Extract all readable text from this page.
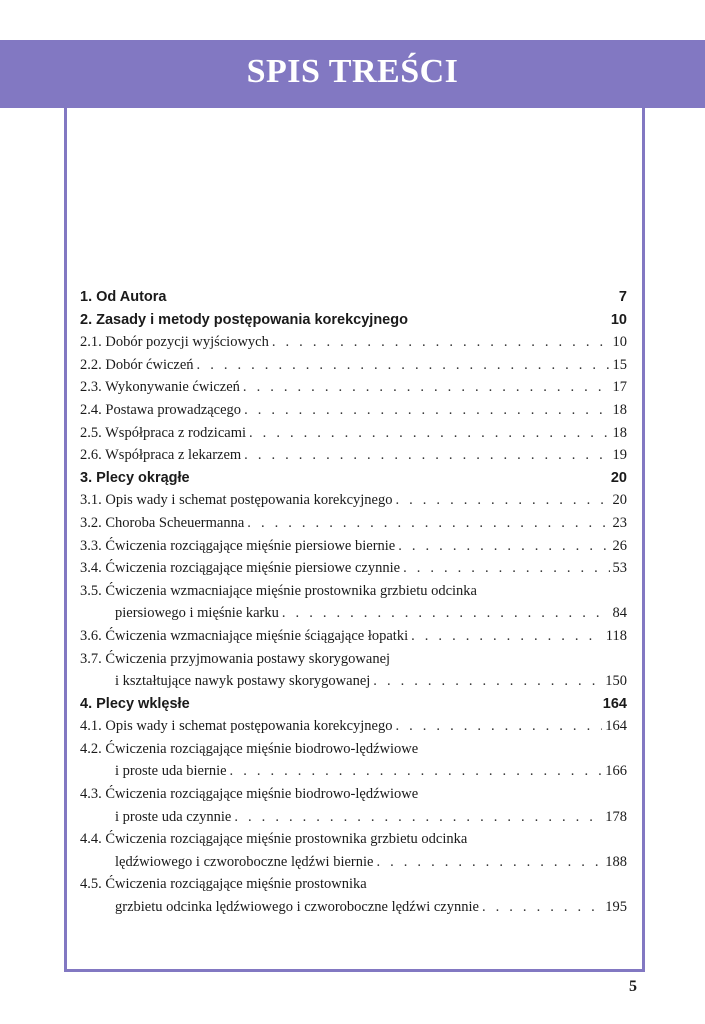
SPIS TREŚCI
1. Od Autora	7
2. Zasady i metody postępowania korekcyjnego	10
2.1. Dobór pozycji wyjściowych . . .	10
2.2. Dobór ćwiczeń . . .	15
2.3. Wykonywanie ćwiczeń . . .	17
2.4. Postawa prowadzącego . . .	18
2.5. Współpraca z rodzicami . . .	18
2.6. Współpraca z lekarzem . . .	19
3. Plecy okrągłe	20
3.1. Opis wady i schemat postępowania korekcyjnego . . .	20
3.2. Choroba Scheuermanna . . .	23
3.3. Ćwiczenia rozciągające mięśnie piersiowe biernie . . .	26
3.4. Ćwiczenia rozciągające mięśnie piersiowe czynnie . . .	53
3.5. Ćwiczenia wzmacniające mięśnie prostownika grzbietu odcinka
piersiowego i mięśnie karku . . .	84
3.6. Ćwiczenia wzmacniające mięśnie ściągające łopatki . . .	118
3.7. Ćwiczenia przyjmowania postawy skorygowanej
i kształtujące nawyk postawy skorygowanej . . .	150
4. Plecy wklęsłe	164
4.1. Opis wady i schemat postępowania korekcyjnego . . .	164
4.2. Ćwiczenia rozciągające mięśnie biodrowo-lędźwiowe
i proste uda biernie . . .	166
4.3. Ćwiczenia rozciągające mięśnie biodrowo-lędźwiowe
i proste uda czynnie . . .	178
4.4. Ćwiczenia rozciągające mięśnie prostownika grzbietu odcinka
lędźwiowego i czworoboczne lędźwi biernie . . .	188
4.5. Ćwiczenia rozciągające mięśnie prostownika
grzbietu odcinka lędźwiowego i czworoboczne lędźwi czynnie . . .	195
5
